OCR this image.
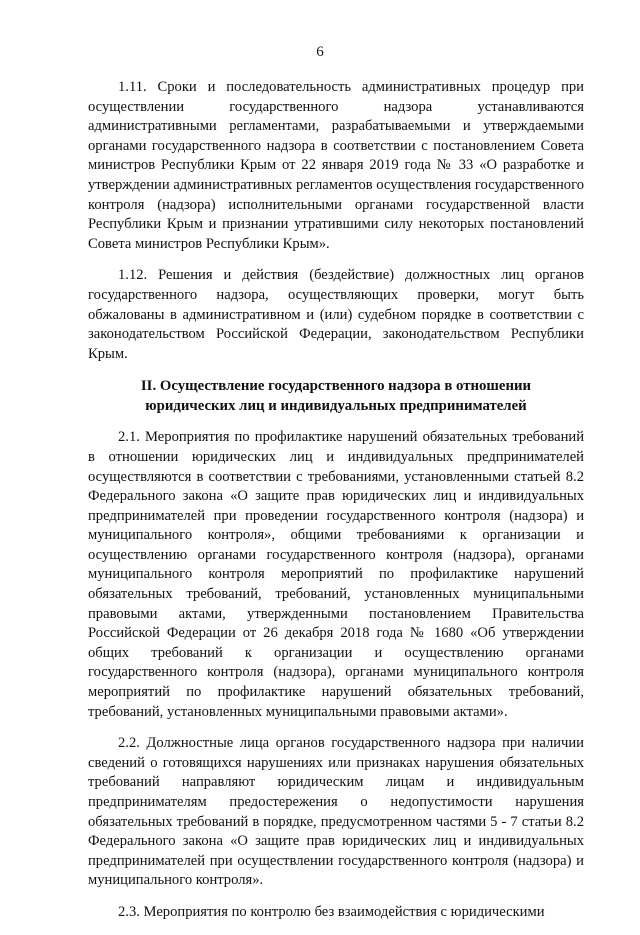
6

1.11. Сроки и последовательность административных процедур при осуществлении государственного надзора устанавливаются административными регламентами, разрабатываемыми и утверждаемыми органами государственного надзора в соответствии с постановлением Совета министров Республики Крым от 22 января 2019 года № 33 «О разработке и утверждении административных регламентов осуществления государственного контроля (надзора) исполнительными органами государственной власти Республики Крым и признании утратившими силу некоторых постановлений Совета министров Республики Крым».

1.12. Решения и действия (бездействие) должностных лиц органов государственного надзора, осуществляющих проверки, могут быть обжалованы в административном и (или) судебном порядке в соответствии с законодательством Российской Федерации, законодательством Республики Крым.

II. Осуществление государственного надзора в отношении
юридических лиц и индивидуальных предпринимателей

2.1. Мероприятия по профилактике нарушений обязательных требований в отношении юридических лиц и индивидуальных предпринимателей осуществляются в соответствии с требованиями, установленными статьей 8.2 Федерального закона «О защите прав юридических лиц и индивидуальных предпринимателей при проведении государственного контроля (надзора) и муниципального контроля», общими требованиями к организации и осуществлению органами государственного контроля (надзора), органами муниципального контроля мероприятий по профилактике нарушений обязательных требований, требований, установленных муниципальными правовыми актами, утвержденными постановлением Правительства Российской Федерации от 26 декабря 2018 года № 1680 «Об утверждении общих требований к организации и осуществлению органами государственного контроля (надзора), органами муниципального контроля мероприятий по профилактике нарушений обязательных требований, требований, установленных муниципальными правовыми актами».

2.2. Должностные лица органов государственного надзора при наличии сведений о готовящихся нарушениях или признаках нарушения обязательных требований направляют юридическим лицам и индивидуальным предпринимателям предостережения о недопустимости нарушения обязательных требований в порядке, предусмотренном частями 5 - 7 статьи 8.2 Федерального закона «О защите прав юридических лиц и индивидуальных предпринимателей при осуществлении государственного контроля (надзора) и муниципального контроля».

2.3. Мероприятия по контролю без взаимодействия с юридическими
